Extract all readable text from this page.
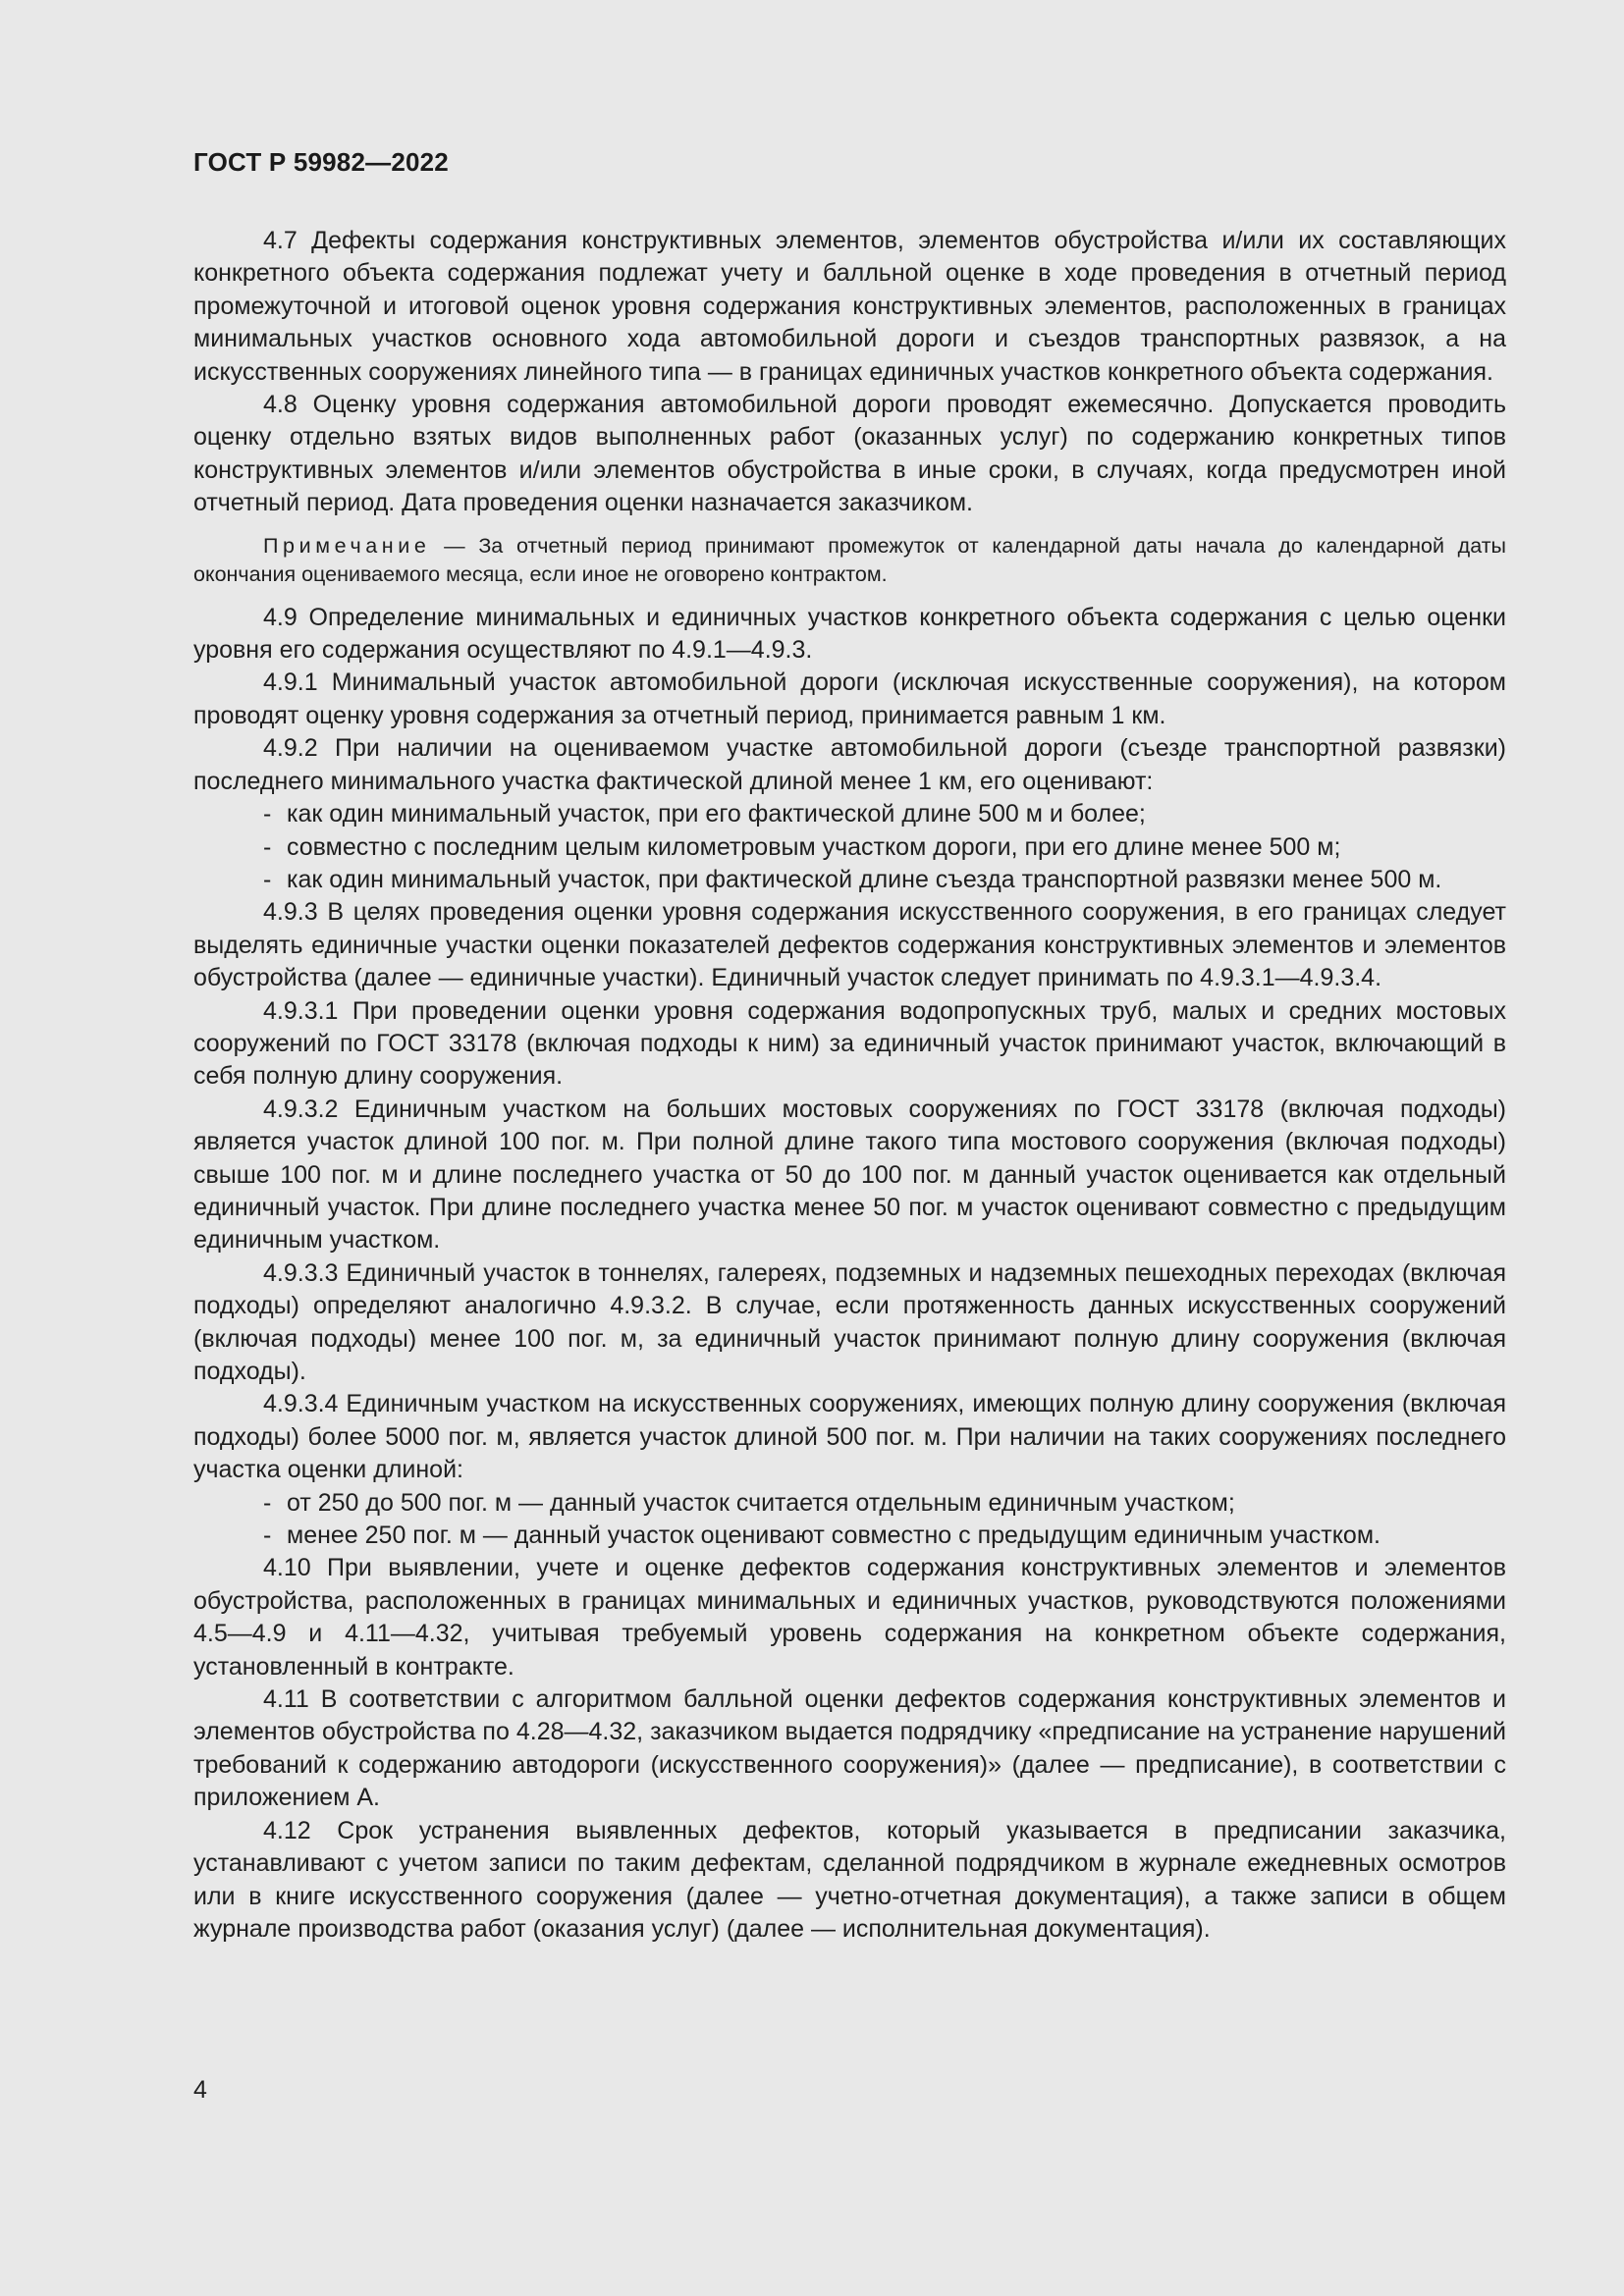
ГОСТ Р 59982—2022

4.7 Дефекты содержания конструктивных элементов, элементов обустройства и/или их составляющих конкретного объекта содержания подлежат учету и балльной оценке в ходе проведения в отчетный период промежуточной и итоговой оценок уровня содержания конструктивных элементов, расположенных в границах минимальных участков основного хода автомобильной дороги и съездов транспортных развязок, а на искусственных сооружениях линейного типа — в границах единичных участков конкретного объекта содержания.

4.8 Оценку уровня содержания автомобильной дороги проводят ежемесячно. Допускается проводить оценку отдельно взятых видов выполненных работ (оказанных услуг) по содержанию конкретных типов конструктивных элементов и/или элементов обустройства в иные сроки, в случаях, когда предусмотрен иной отчетный период. Дата проведения оценки назначается заказчиком.

Примечание — За отчетный период принимают промежуток от календарной даты начала до календарной даты окончания оцениваемого месяца, если иное не оговорено контрактом.

4.9 Определение минимальных и единичных участков конкретного объекта содержания с целью оценки уровня его содержания осуществляют по 4.9.1—4.9.3.

4.9.1 Минимальный участок автомобильной дороги (исключая искусственные сооружения), на котором проводят оценку уровня содержания за отчетный период, принимается равным 1 км.

4.9.2 При наличии на оцениваемом участке автомобильной дороги (съезде транспортной развязки) последнего минимального участка фактической длиной менее 1 км, его оценивают:

- как один минимальный участок, при его фактической длине 500 м и более;

- совместно с последним целым километровым участком дороги, при его длине менее 500 м;

- как один минимальный участок, при фактической длине съезда транспортной развязки менее 500 м.

4.9.3 В целях проведения оценки уровня содержания искусственного сооружения, в его границах следует выделять единичные участки оценки показателей дефектов содержания конструктивных элементов и элементов обустройства (далее — единичные участки). Единичный участок следует принимать по 4.9.3.1—4.9.3.4.

4.9.3.1 При проведении оценки уровня содержания водопропускных труб, малых и средних мостовых сооружений по ГОСТ 33178 (включая подходы к ним) за единичный участок принимают участок, включающий в себя полную длину сооружения.

4.9.3.2 Единичным участком на больших мостовых сооружениях по ГОСТ 33178 (включая подходы) является участок длиной 100 пог. м. При полной длине такого типа мостового сооружения (включая подходы) свыше 100 пог. м и длине последнего участка от 50 до 100 пог. м данный участок оценивается как отдельный единичный участок. При длине последнего участка менее 50 пог. м участок оценивают совместно с предыдущим единичным участком.

4.9.3.3 Единичный участок в тоннелях, галереях, подземных и надземных пешеходных переходах (включая подходы) определяют аналогично 4.9.3.2. В случае, если протяженность данных искусственных сооружений (включая подходы) менее 100 пог. м, за единичный участок принимают полную длину сооружения (включая подходы).

4.9.3.4 Единичным участком на искусственных сооружениях, имеющих полную длину сооружения (включая подходы) более 5000 пог. м, является участок длиной 500 пог. м. При наличии на таких сооружениях последнего участка оценки длиной:

- от 250 до 500 пог. м — данный участок считается отдельным единичным участком;

- менее 250 пог. м — данный участок оценивают совместно с предыдущим единичным участком.

4.10 При выявлении, учете и оценке дефектов содержания конструктивных элементов и элементов обустройства, расположенных в границах минимальных и единичных участков, руководствуются положениями 4.5—4.9 и 4.11—4.32, учитывая требуемый уровень содержания на конкретном объекте содержания, установленный в контракте.

4.11 В соответствии с алгоритмом балльной оценки дефектов содержания конструктивных элементов и элементов обустройства по 4.28—4.32, заказчиком выдается подрядчику «предписание на устранение нарушений требований к содержанию автодороги (искусственного сооружения)» (далее — предписание), в соответствии с приложением А.

4.12 Срок устранения выявленных дефектов, который указывается в предписании заказчика, устанавливают с учетом записи по таким дефектам, сделанной подрядчиком в журнале ежедневных осмотров или в книге искусственного сооружения (далее — учетно-отчетная документация), а также записи в общем журнале производства работ (оказания услуг) (далее — исполнительная документация).

4
